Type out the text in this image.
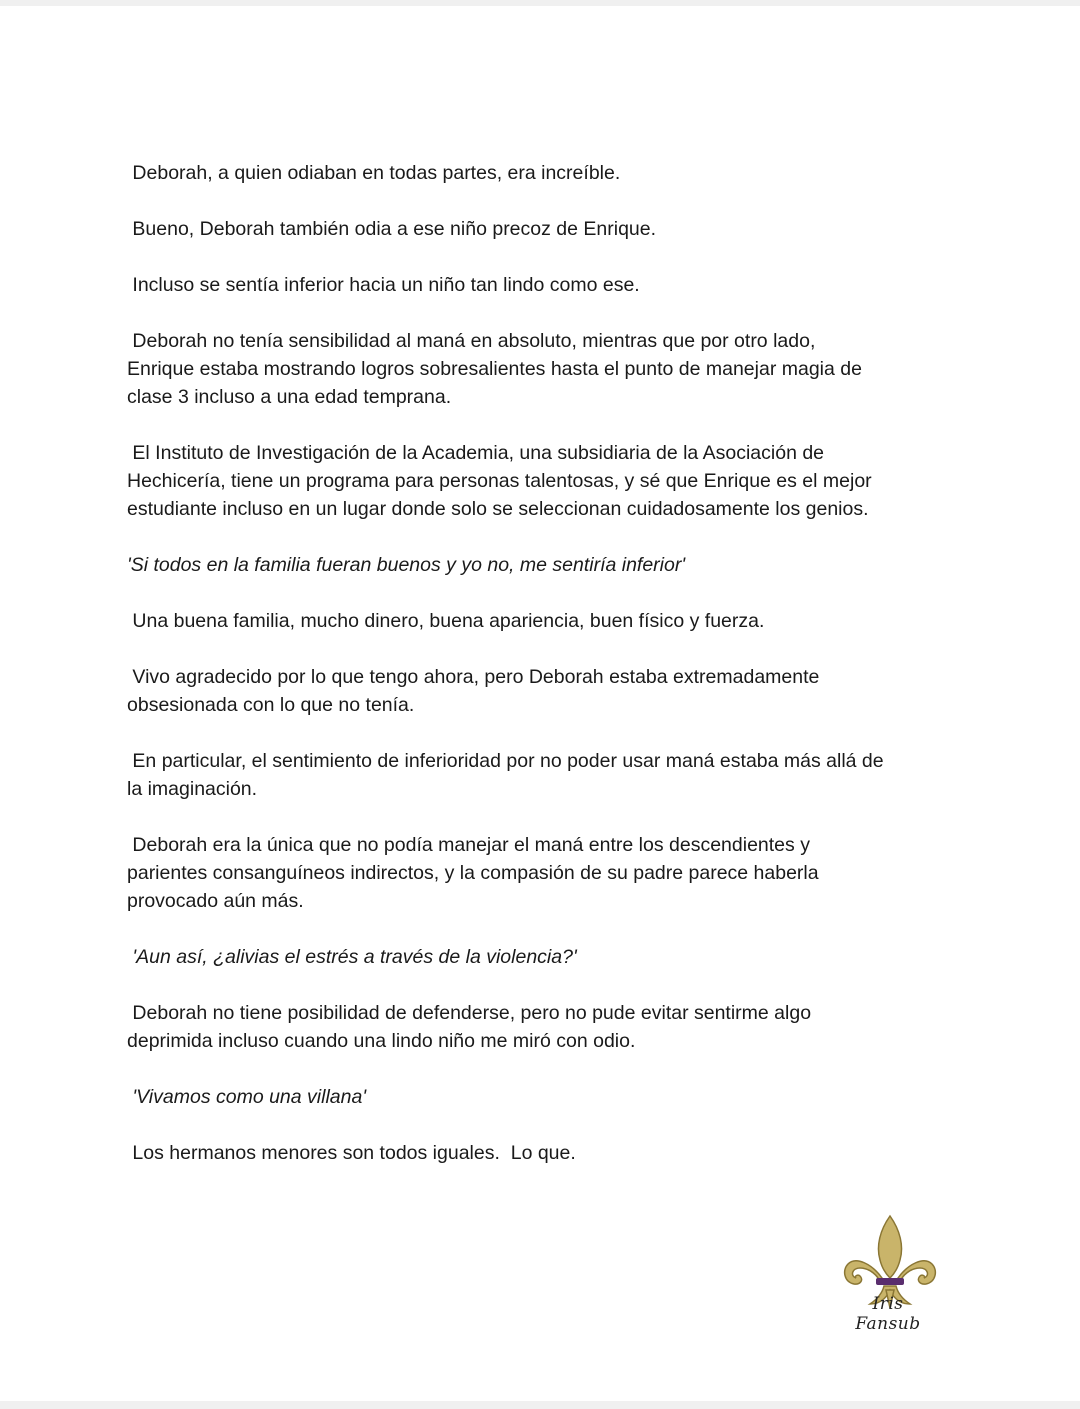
Deborah, a quien odiaban en todas partes, era increíble.

Bueno, Deborah también odia a ese niño precoz de Enrique.

Incluso se sentía inferior hacia un niño tan lindo como ese.

Deborah no tenía sensibilidad al maná en absoluto, mientras que por otro lado,
Enrique estaba mostrando logros sobresalientes hasta el punto de manejar magia de
clase 3 incluso a una edad temprana.

El Instituto de Investigación de la Academia, una subsidiaria de la Asociación de
Hechicería, tiene un programa para personas talentosas, y sé que Enrique es el mejor
estudiante incluso en un lugar donde solo se seleccionan cuidadosamente los genios.

'Si todos en la familia fueran buenos y yo no, me sentiría inferior'

Una buena familia, mucho dinero, buena apariencia, buen físico y fuerza.

Vivo agradecido por lo que tengo ahora, pero Deborah estaba extremadamente
obsesionada con lo que no tenía.

En particular, el sentimiento de inferioridad por no poder usar maná estaba más allá de
la imaginación.

Deborah era la única que no podía manejar el maná entre los descendientes y
parientes consanguíneos indirectos, y la compasión de su padre parece haberla
provocado aún más.

'Aun así, ¿alivias el estrés a través de la violencia?'

Deborah no tiene posibilidad de defenderse, pero no pude evitar sentirme algo
deprimida incluso cuando una lindo niño me miró con odio.

'Vivamos como una villana'

Los hermanos menores son todos iguales.  Lo que.

Iris Fansub
